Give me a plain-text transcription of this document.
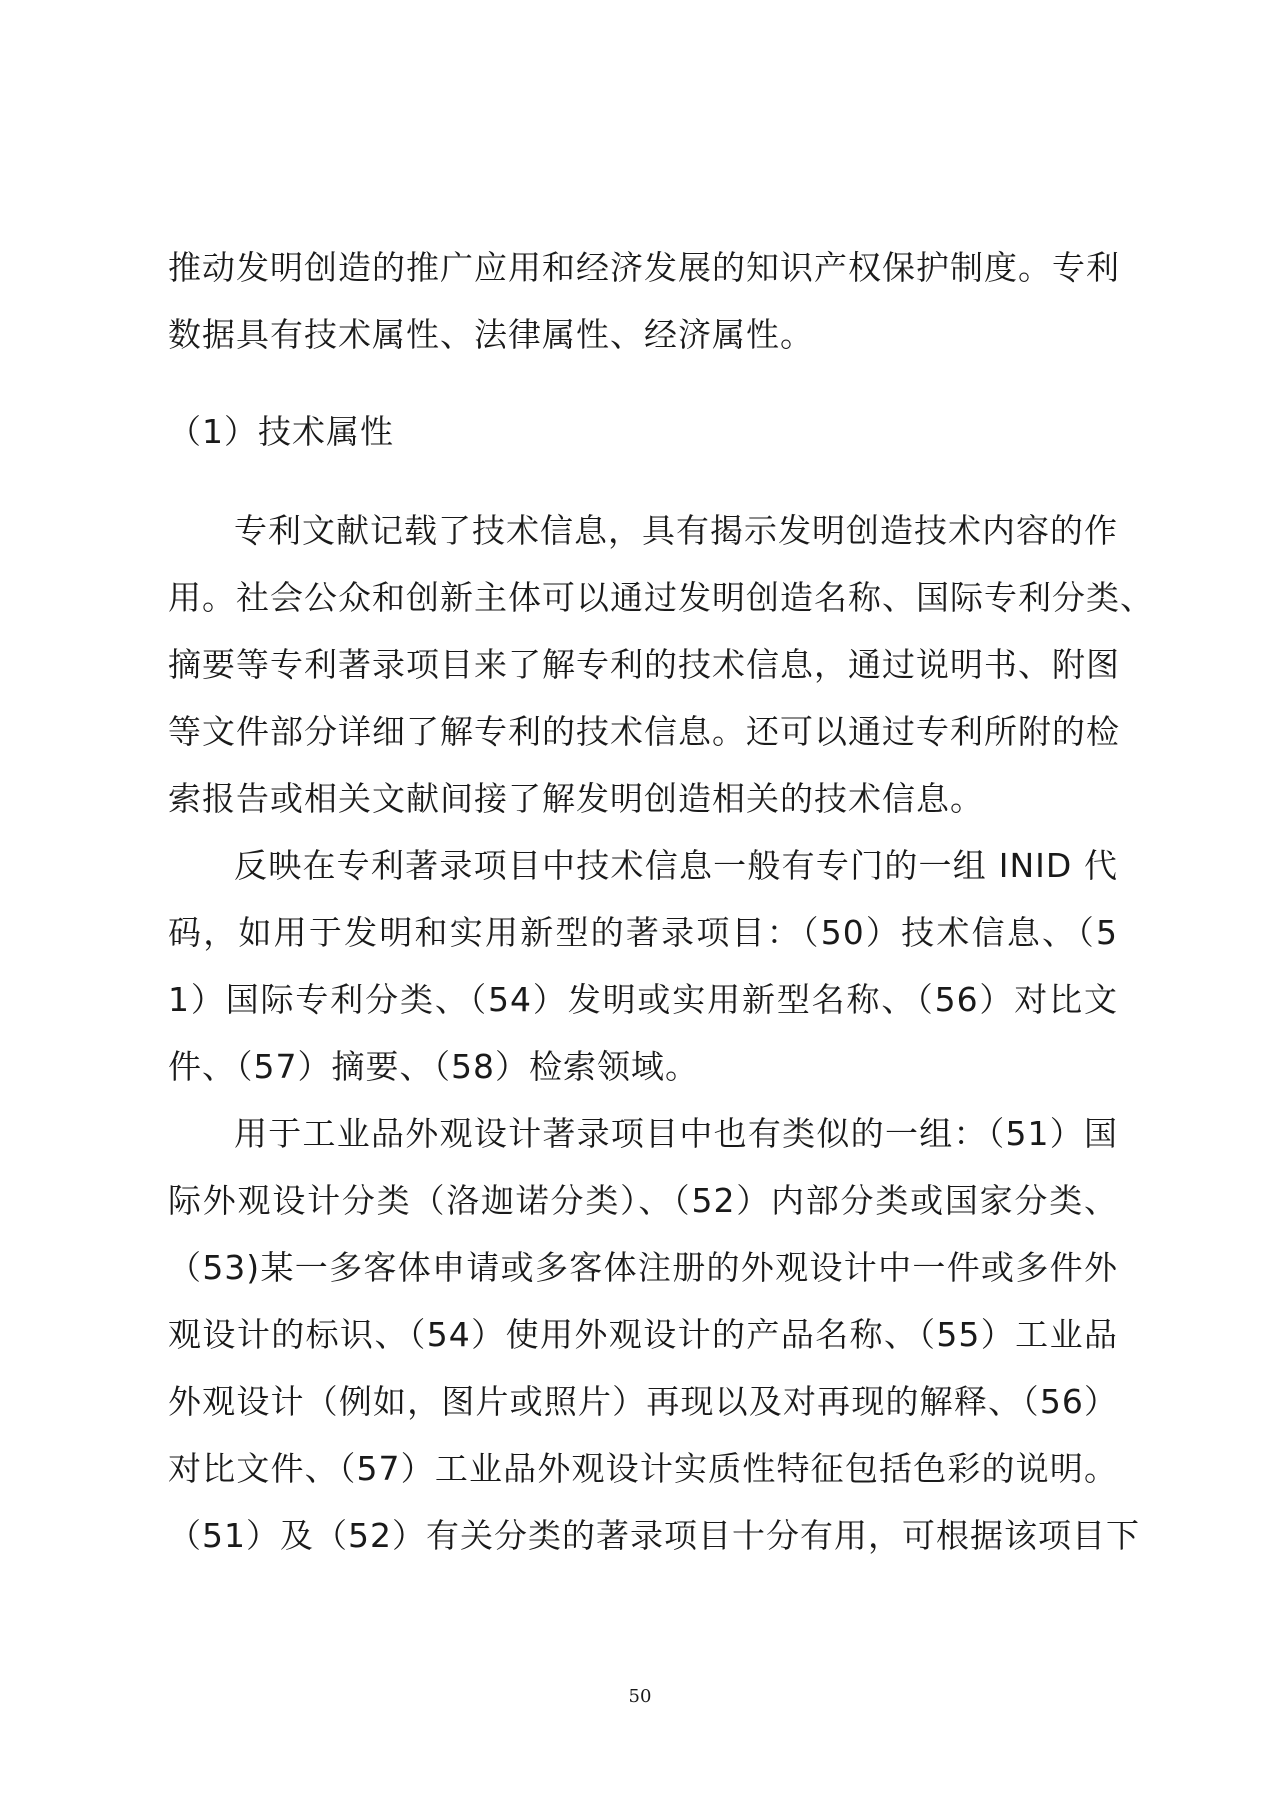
推动发明创造的推广应用和经济发展的知识产权保护制度。专利
数据具有技术属性、法律属性、经济属性。
（1）技术属性
专利文献记载了技术信息，具有揭示发明创造技术内容的作
用。社会公众和创新主体可以通过发明创造名称、国际专利分类、
摘要等专利著录项目来了解专利的技术信息，通过说明书、附图
等文件部分详细了解专利的技术信息。还可以通过专利所附的检
索报告或相关文献间接了解发明创造相关的技术信息。
反映在专利著录项目中技术信息一般有专门的一组 INID 代
码，如用于发明和实用新型的著录项目：（50）技术信息、（5
1）国际专利分类、（54）发明或实用新型名称、（56）对比文
件、（57）摘要、（58）检索领域。
用于工业品外观设计著录项目中也有类似的一组：（51）国
际外观设计分类（洛迦诺分类）、（52）内部分类或国家分类、
（53)某一多客体申请或多客体注册的外观设计中一件或多件外
观设计的标识、（54）使用外观设计的产品名称、（55）工业品
外观设计（例如，图片或照片）再现以及对再现的解释、（56）
对比文件、（57）工业品外观设计实质性特征包括色彩的说明。
（51）及（52）有关分类的著录项目十分有用，可根据该项目下
50
